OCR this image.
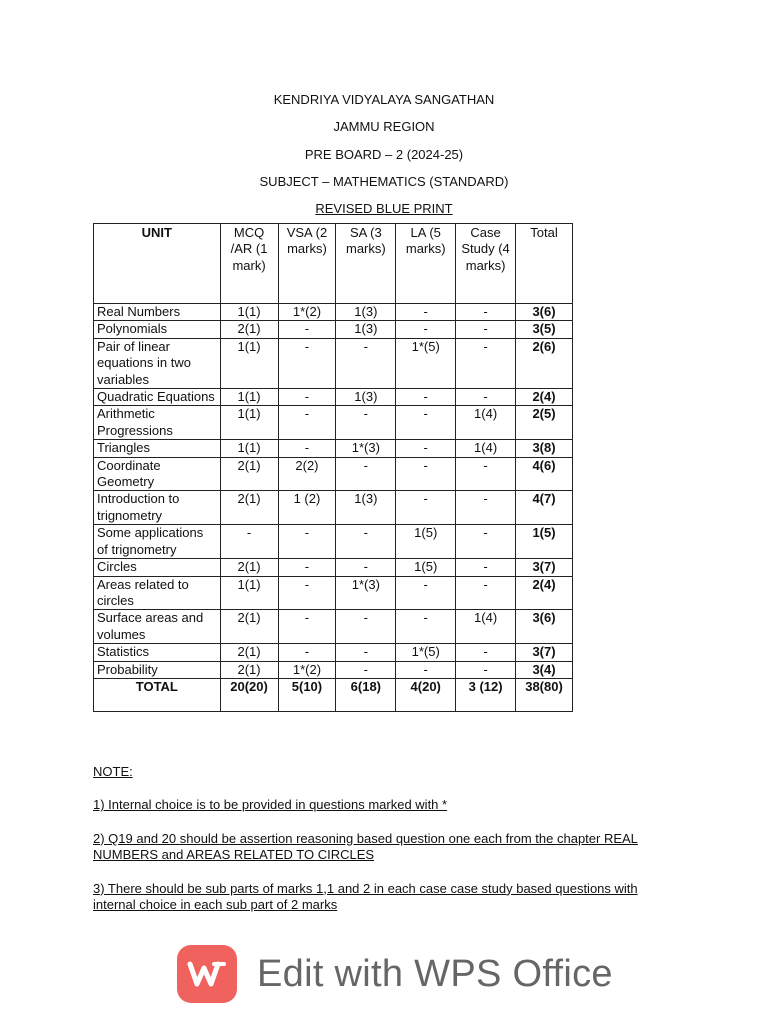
KENDRIYA VIDYALAYA SANGATHAN
JAMMU REGION
PRE BOARD – 2 (2024-25)
SUBJECT – MATHEMATICS (STANDARD)
REVISED BLUE PRINT
UNIT	MCQ /AR (1 mark)	VSA (2 marks)	SA (3 marks)	LA (5 marks)	Case Study (4 marks)	Total
Real Numbers	1(1)	1*(2)	1(3)	-	-	3(6)
Polynomials	2(1)	-	1(3)	-	-	3(5)
Pair of linear equations in two variables	1(1)	-	-	1*(5)	-	2(6)
Quadratic Equations	1(1)	-	1(3)	-	-	2(4)
Arithmetic Progressions	1(1)	-	-	-	1(4)	2(5)
Triangles	1(1)	-	1*(3)	-	1(4)	3(8)
Coordinate Geometry	2(1)	2(2)	-	-	-	4(6)
Introduction to trignometry	2(1)	1 (2)	1(3)	-	-	4(7)
Some applications of trignometry	-	-	-	1(5)	-	1(5)
Circles	2(1)	-	-	1(5)	-	3(7)
Areas related to circles	1(1)	-	1*(3)	-	-	2(4)
Surface areas and volumes	2(1)	-	-	-	1(4)	3(6)
Statistics	2(1)	-	-	1*(5)	-	3(7)
Probability	2(1)	1*(2)	-	-	-	3(4)
TOTAL	20(20)	5(10)	6(18)	4(20)	3 (12)	38(80)

NOTE:

1) Internal choice is to be provided in questions marked with *

2) Q19 and 20 should be assertion reasoning based question one each from the chapter REAL NUMBERS and AREAS RELATED TO CIRCLES

3) There should be sub parts of marks 1,1 and 2 in each case case study based questions with internal choice in each sub part of 2 marks

Edit with WPS Office
